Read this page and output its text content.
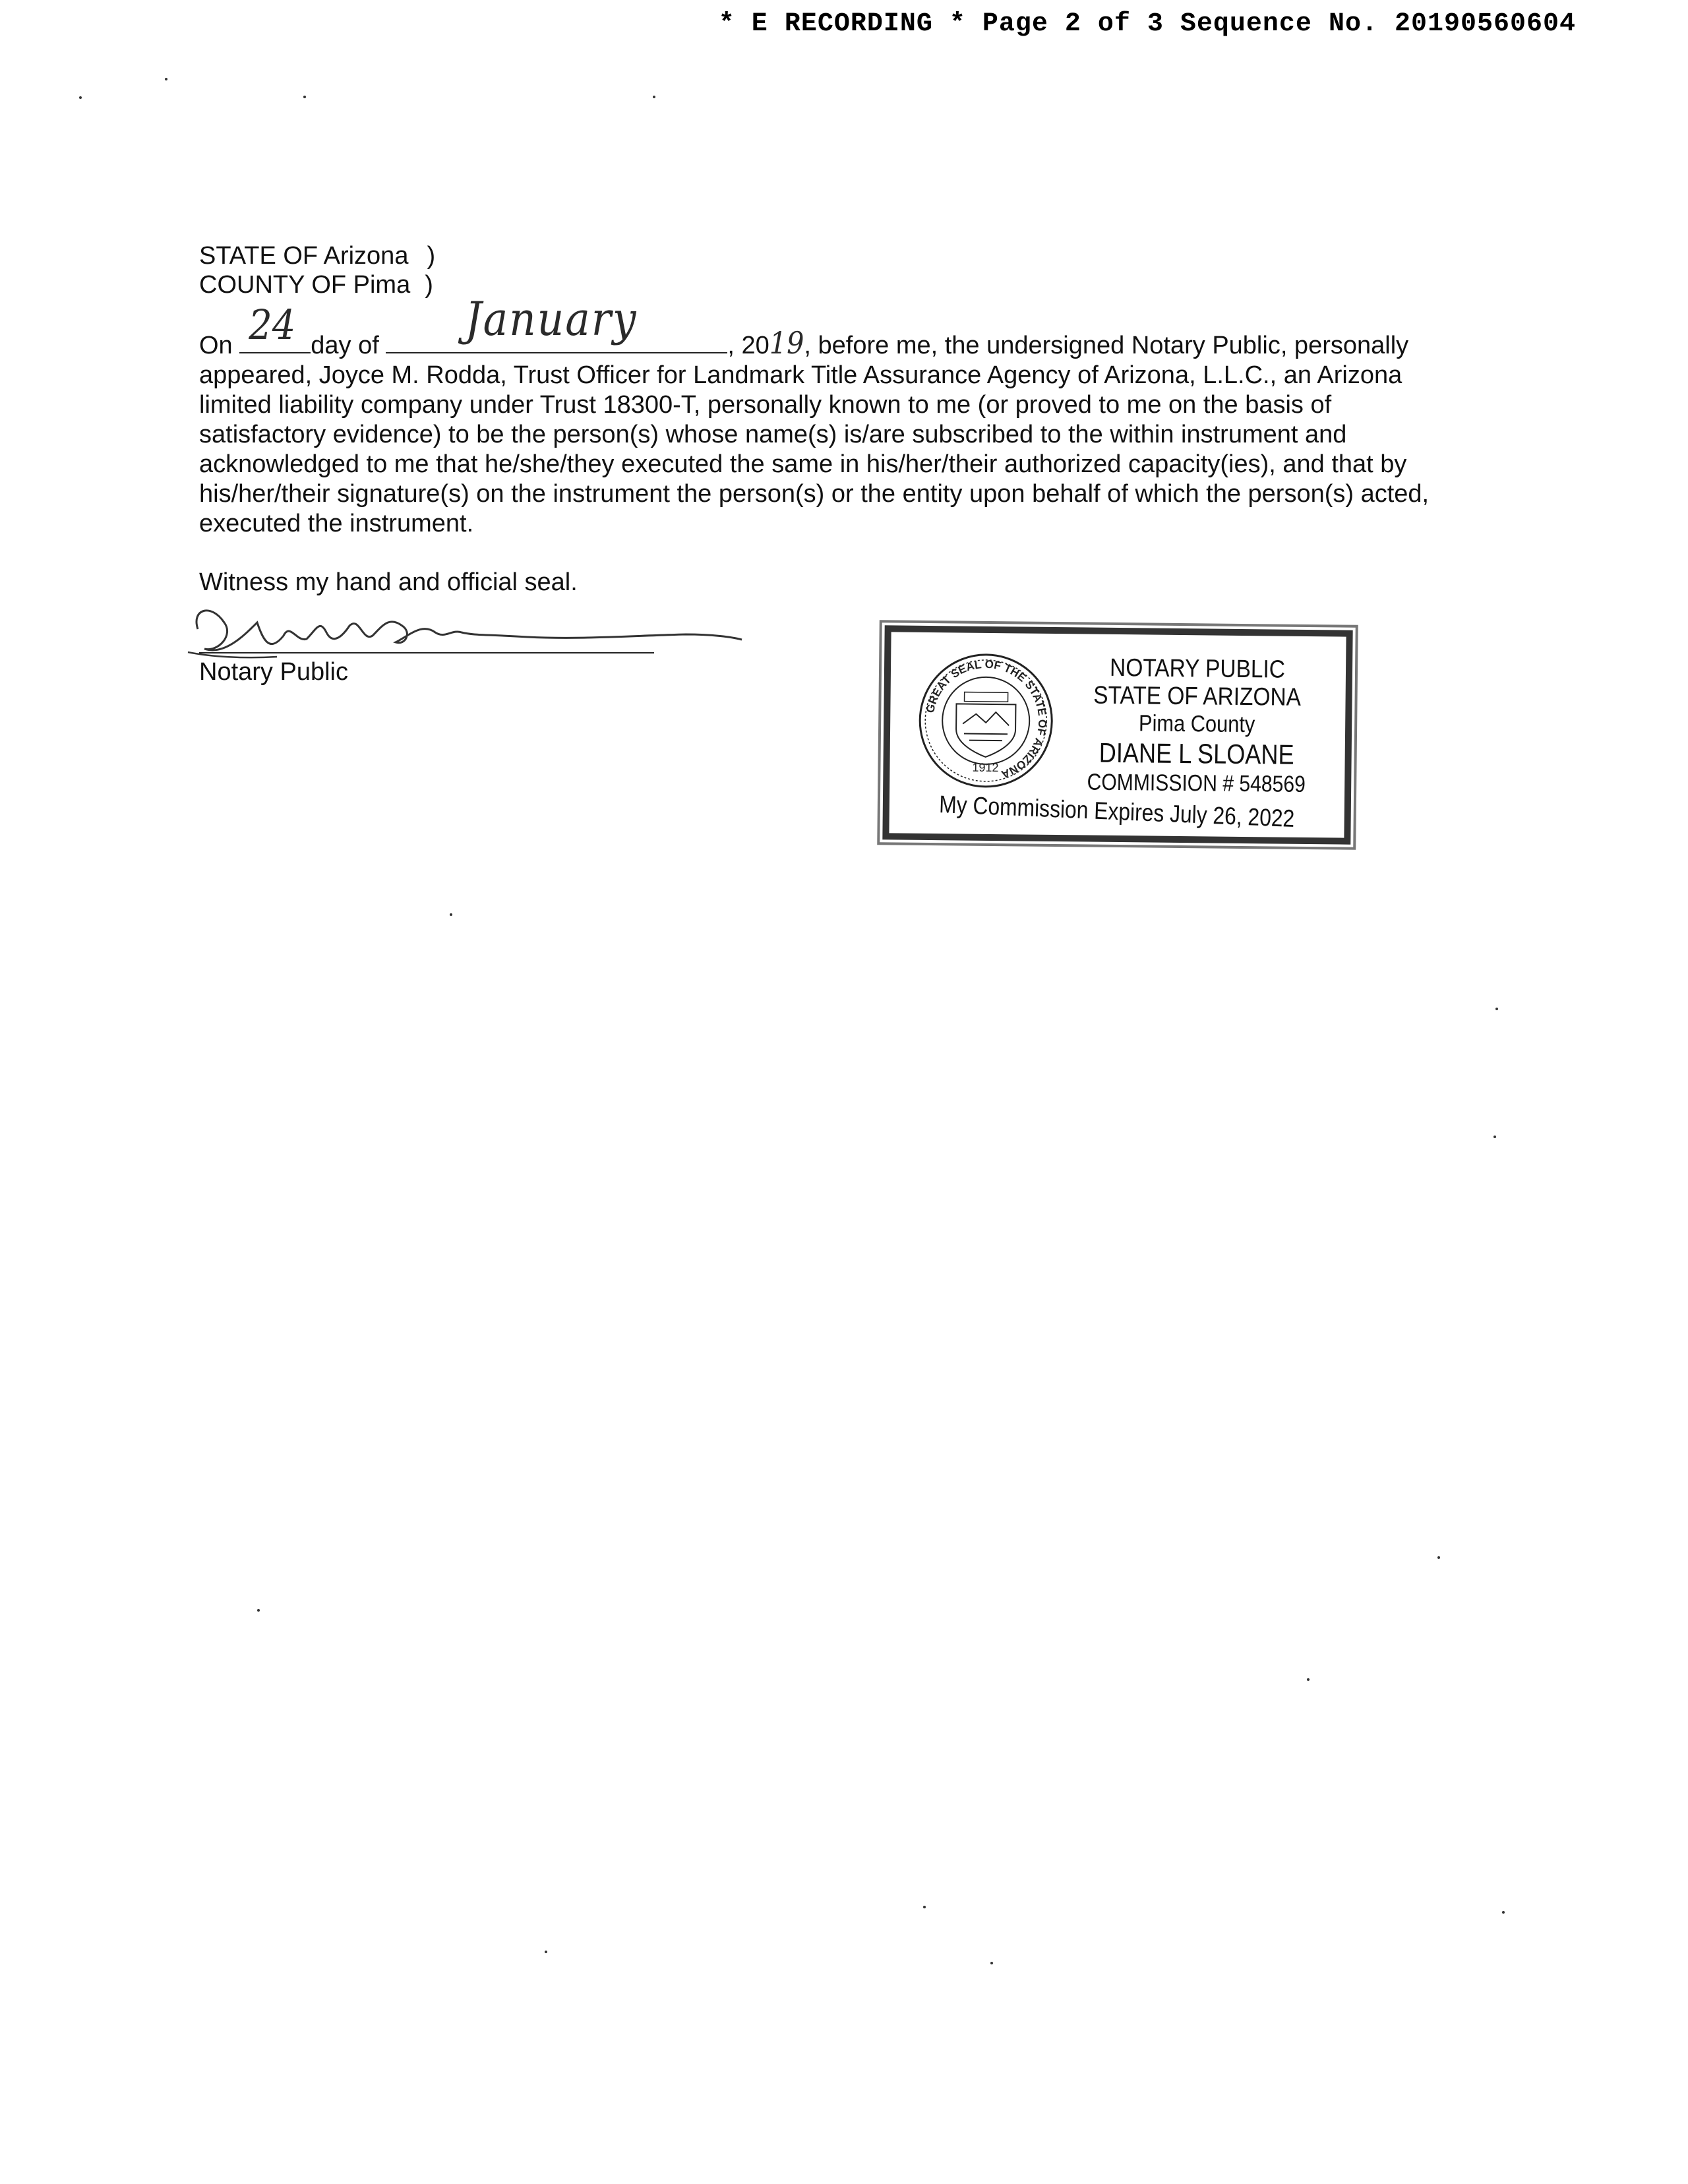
* E RECORDING * Page 2 of 3 Sequence No. 20190560604
STATE OF Arizona )
COUNTY OF Pima )
On 24 day of January	, 2019, before me, the undersigned Notary Public, personally
appeared, Joyce M. Rodda, Trust Officer for Landmark Title Assurance Agency of Arizona, L.L.C., an Arizona
limited liability company under Trust 18300-T, personally known to me (or proved to me on the basis of
satisfactory evidence) to be the person(s) whose name(s) is/are subscribed to the within instrument and
acknowledged to me that he/she/they executed the same in his/her/their authorized capacity(ies), and that by
his/her/their signature(s) on the instrument the person(s) or the entity upon behalf of which the person(s) acted,
executed the instrument.
Witness my hand and official seal.
Notary Public
GREAT SEAL OF THE STATE OF ARIZONA
1912
NOTARY PUBLIC
STATE OF ARIZONA
Pima County
DIANE L SLOANE
COMMISSION # 548569
My Commission Expires July 26, 2022
